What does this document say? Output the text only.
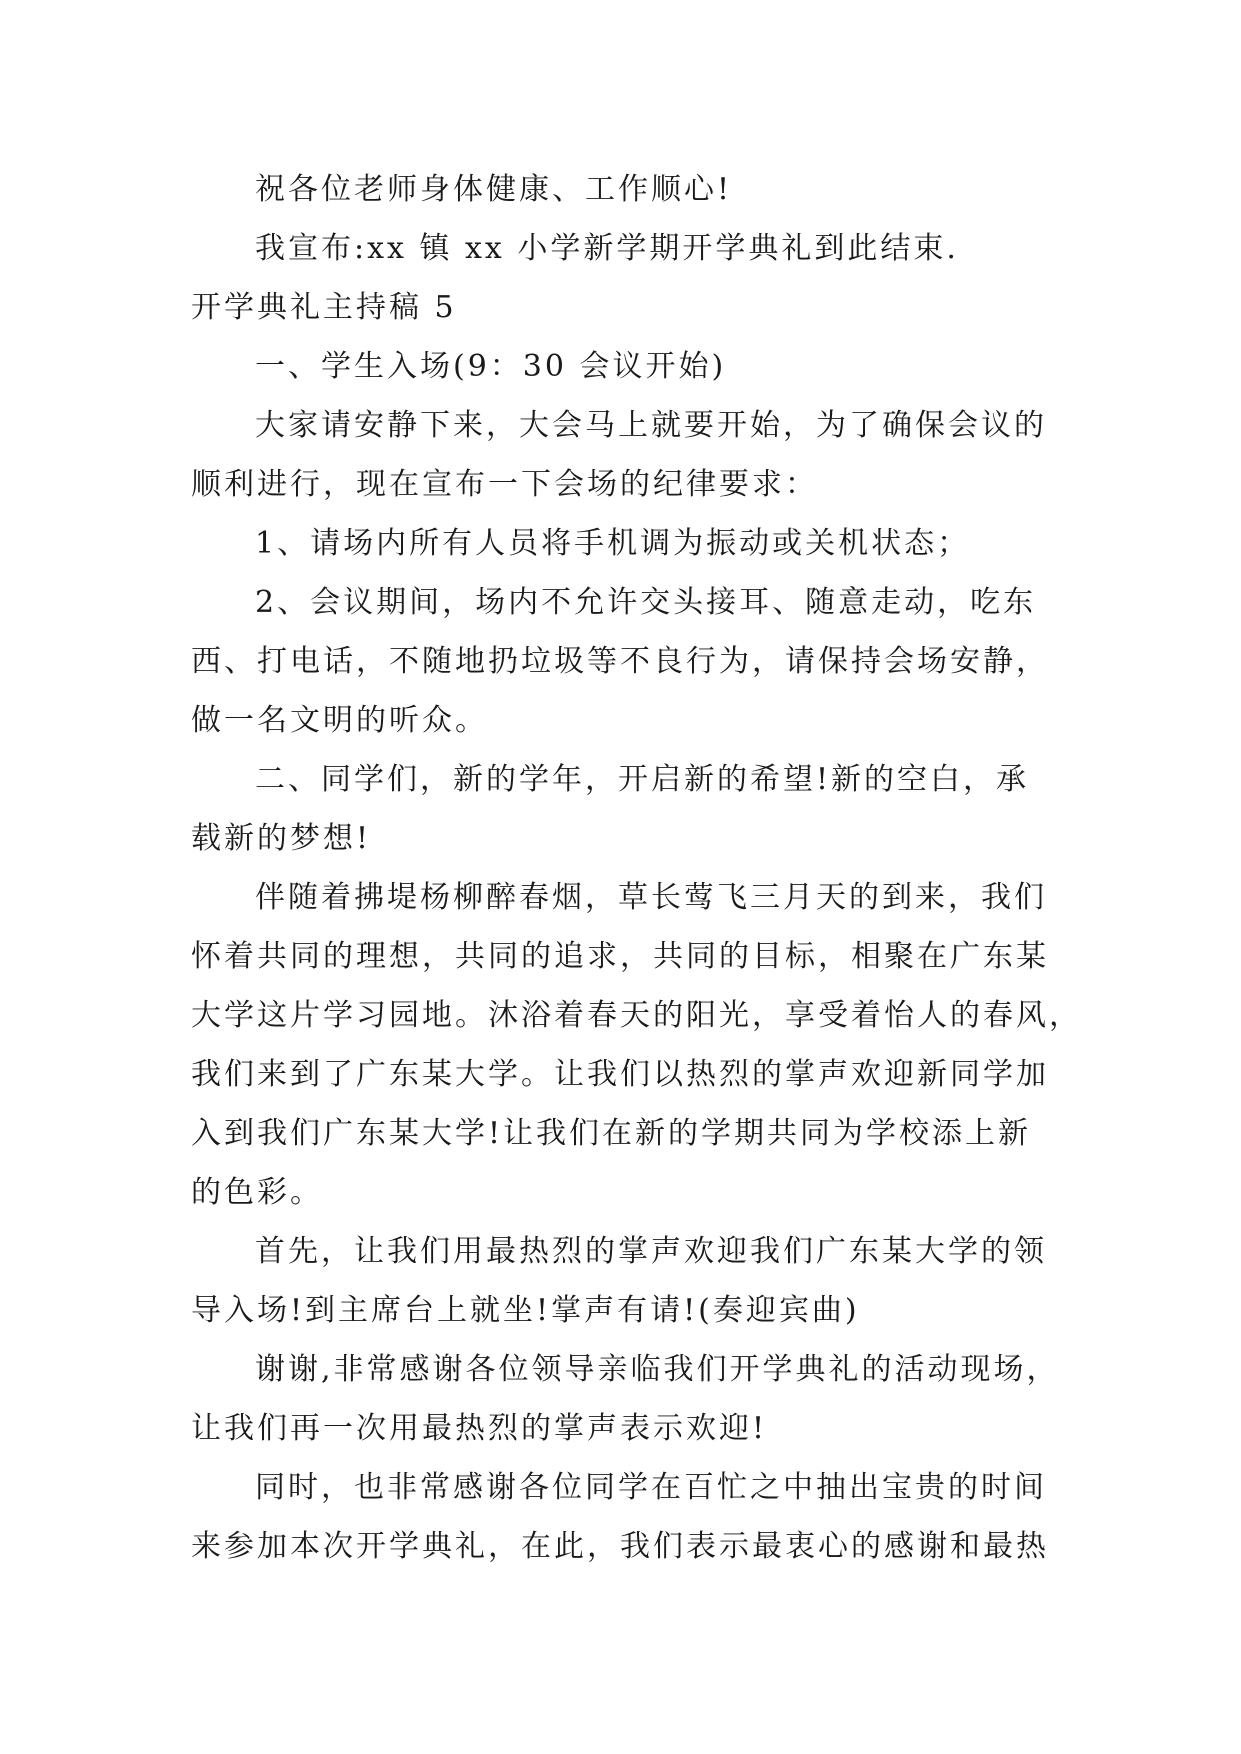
祝各位老师身体健康、工作顺心!
我宣布:xx 镇 xx 小学新学期开学典礼到此结束.
开学典礼主持稿 5
一、学生入场(9：30 会议开始)
大家请安静下来，大会马上就要开始，为了确保会议的
顺利进行，现在宣布一下会场的纪律要求：
1、请场内所有人员将手机调为振动或关机状态；
2、会议期间，场内不允许交头接耳、随意走动，吃东
西、打电话，不随地扔垃圾等不良行为，请保持会场安静，
做一名文明的听众。
二、同学们，新的学年，开启新的希望!新的空白，承
载新的梦想!
伴随着拂堤杨柳醉春烟，草长莺飞三月天的到来，我们
怀着共同的理想，共同的追求，共同的目标，相聚在广东某
大学这片学习园地。沐浴着春天的阳光，享受着怡人的春风，
我们来到了广东某大学。让我们以热烈的掌声欢迎新同学加
入到我们广东某大学!让我们在新的学期共同为学校添上新
的色彩。
首先，让我们用最热烈的掌声欢迎我们广东某大学的领
导入场!到主席台上就坐!掌声有请!(奏迎宾曲)
谢谢,非常感谢各位领导亲临我们开学典礼的活动现场，
让我们再一次用最热烈的掌声表示欢迎!
同时，也非常感谢各位同学在百忙之中抽出宝贵的时间
来参加本次开学典礼，在此，我们表示最衷心的感谢和最热
